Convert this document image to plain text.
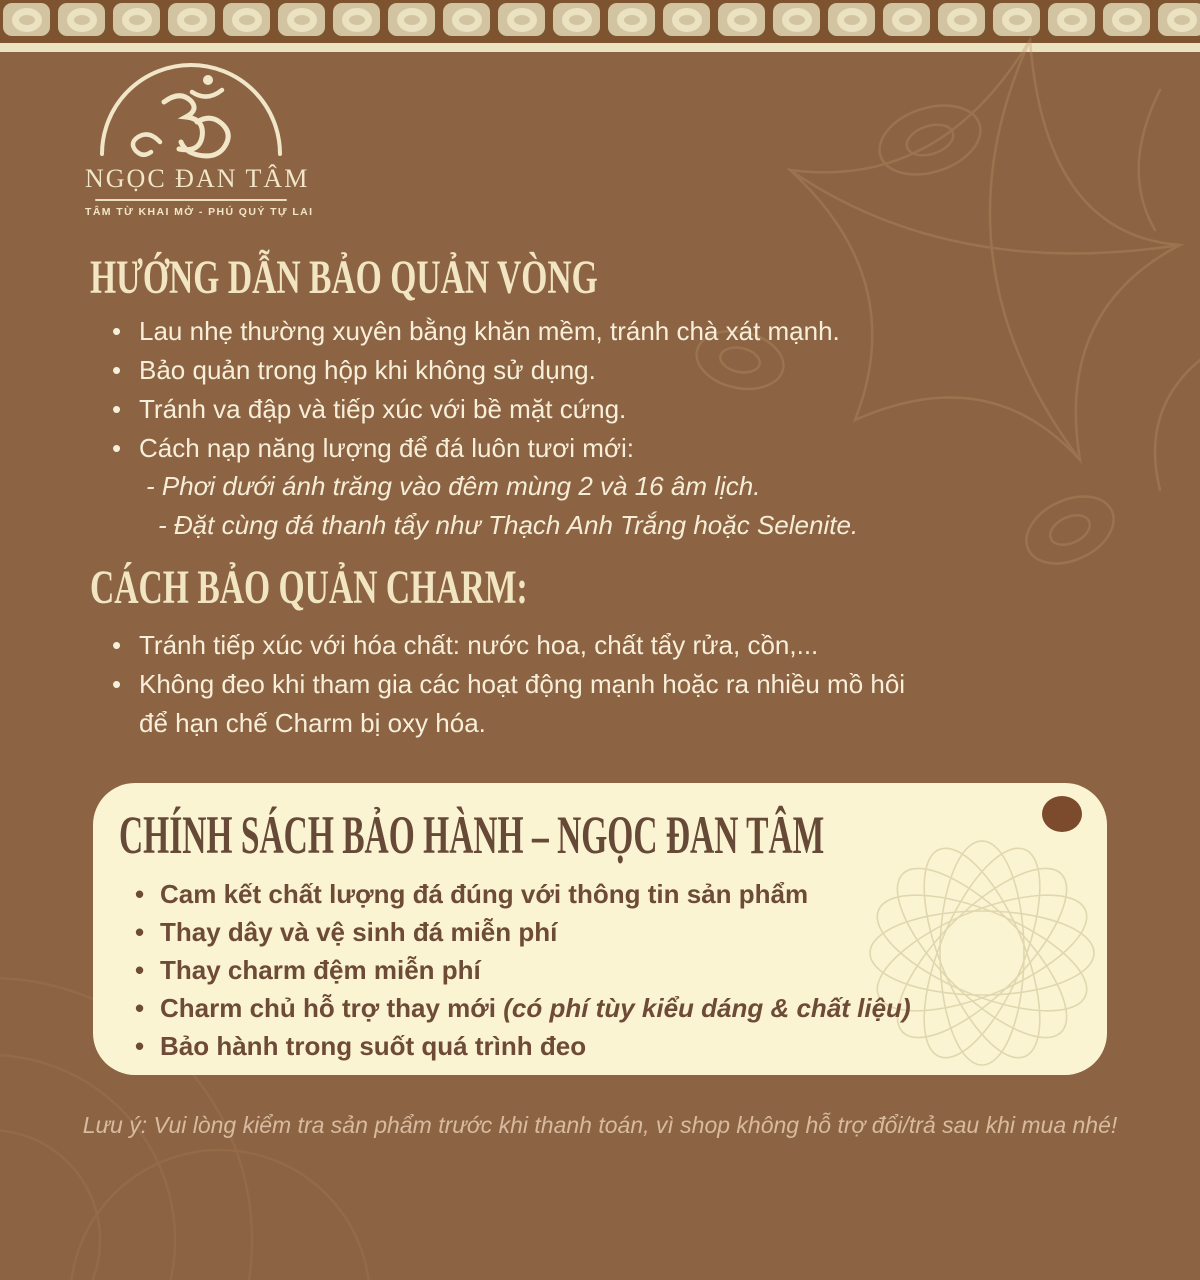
NGỌC ĐAN TÂM
TÂM TỪ KHAI MỞ - PHÚ QUÝ TỰ LAI
HƯỚNG DẪN BẢO QUẢN VÒNG
• Lau nhẹ thường xuyên bằng khăn mềm, tránh chà xát mạnh.
• Bảo quản trong hộp khi không sử dụng.
• Tránh va đập và tiếp xúc với bề mặt cứng.
• Cách nạp năng lượng để đá luôn tươi mới:
- Phơi dưới ánh trăng vào đêm mùng 2 và 16 âm lịch.
- Đặt cùng đá thanh tẩy như Thạch Anh Trắng hoặc Selenite.
CÁCH BẢO QUẢN CHARM:
• Tránh tiếp xúc với hóa chất: nước hoa, chất tẩy rửa, cồn,...
• Không đeo khi tham gia các hoạt động mạnh hoặc ra nhiều mồ hôi
để hạn chế Charm bị oxy hóa.
CHÍNH SÁCH BẢO HÀNH – NGỌC ĐAN TÂM
• Cam kết chất lượng đá đúng với thông tin sản phẩm
• Thay dây và vệ sinh đá miễn phí
• Thay charm đệm miễn phí
• Charm chủ hỗ trợ thay mới (có phí tùy kiểu dáng & chất liệu)
• Bảo hành trong suốt quá trình đeo
Lưu ý: Vui lòng kiểm tra sản phẩm trước khi thanh toán, vì shop không hỗ trợ đổi/trả sau khi mua nhé!
